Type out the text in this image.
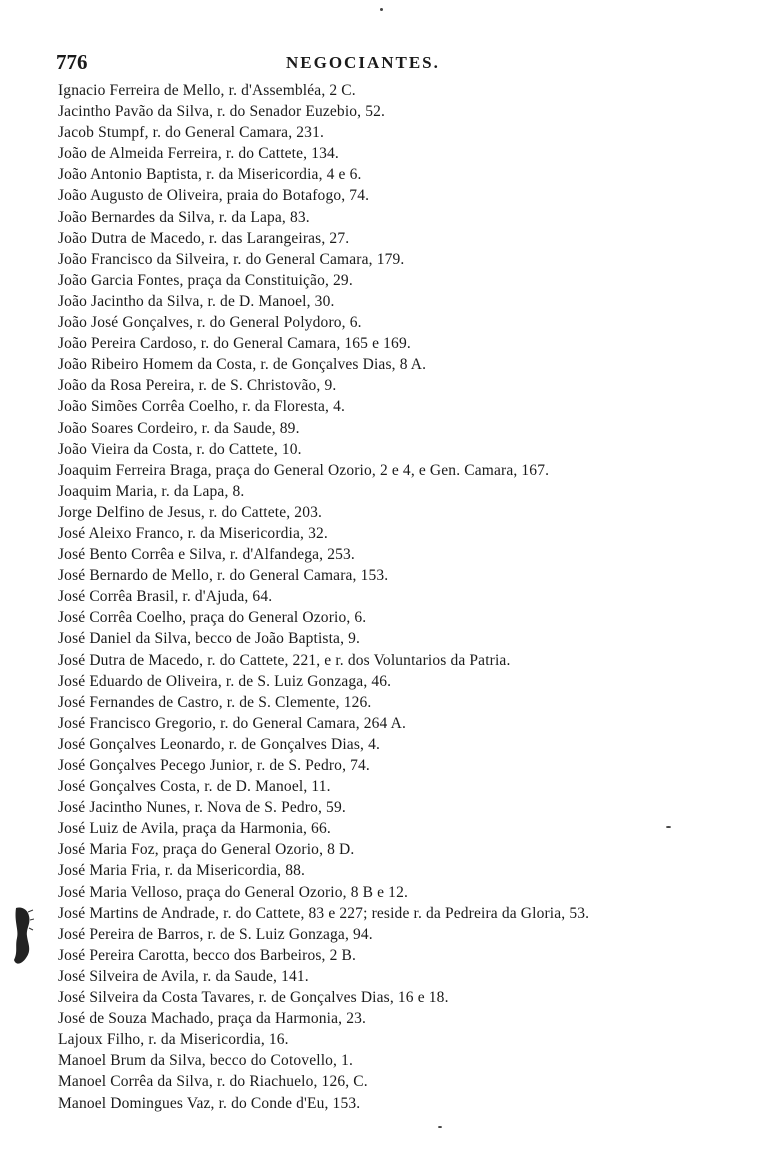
776	NEGOCIANTES.
Ignacio Ferreira de Mello, r. d'Assembléa, 2 C.
Jacintho Pavão da Silva, r. do Senador Euzebio, 52.
Jacob Stumpf, r. do General Camara, 231.
João de Almeida Ferreira, r. do Cattete, 134.
João Antonio Baptista, r. da Misericordia, 4 e 6.
João Augusto de Oliveira, praia do Botafogo, 74.
João Bernardes da Silva, r. da Lapa, 83.
João Dutra de Macedo, r. das Larangeiras, 27.
João Francisco da Silveira, r. do General Camara, 179.
João Garcia Fontes, praça da Constituição, 29.
João Jacintho da Silva, r. de D. Manoel, 30.
João José Gonçalves, r. do General Polydoro, 6.
João Pereira Cardoso, r. do General Camara, 165 e 169.
João Ribeiro Homem da Costa, r. de Gonçalves Dias, 8 A.
João da Rosa Pereira, r. de S. Christovão, 9.
João Simões Corrêa Coelho, r. da Floresta, 4.
João Soares Cordeiro, r. da Saude, 89.
João Vieira da Costa, r. do Cattete, 10.
Joaquim Ferreira Braga, praça do General Ozorio, 2 e 4, e Gen. Camara, 167.
Joaquim Maria, r. da Lapa, 8.
Jorge Delfino de Jesus, r. do Cattete, 203.
José Aleixo Franco, r. da Misericordia, 32.
José Bento Corrêa e Silva, r. d'Alfandega, 253.
José Bernardo de Mello, r. do General Camara, 153.
José Corrêa Brasil, r. d'Ajuda, 64.
José Corrêa Coelho, praça do General Ozorio, 6.
José Daniel da Silva, becco de João Baptista, 9.
José Dutra de Macedo, r. do Cattete, 221, e r. dos Voluntarios da Patria.
José Eduardo de Oliveira, r. de S. Luiz Gonzaga, 46.
José Fernandes de Castro, r. de S. Clemente, 126.
José Francisco Gregorio, r. do General Camara, 264 A.
José Gonçalves Leonardo, r. de Gonçalves Dias, 4.
José Gonçalves Pecego Junior, r. de S. Pedro, 74.
José Gonçalves Costa, r. de D. Manoel, 11.
José Jacintho Nunes, r. Nova de S. Pedro, 59.
José Luiz de Avila, praça da Harmonia, 66.
José Maria Foz, praça do General Ozorio, 8 D.
José Maria Fria, r. da Misericordia, 88.
José Maria Velloso, praça do General Ozorio, 8 B e 12.
José Martins de Andrade, r. do Cattete, 83 e 227; reside r. da Pedreira da Gloria, 53.
José Pereira de Barros, r. de S. Luiz Gonzaga, 94.
José Pereira Carotta, becco dos Barbeiros, 2 B.
José Silveira de Avila, r. da Saude, 141.
José Silveira da Costa Tavares, r. de Gonçalves Dias, 16 e 18.
José de Souza Machado, praça da Harmonia, 23.
Lajoux Filho, r. da Misericordia, 16.
Manoel Brum da Silva, becco do Cotovello, 1.
Manoel Corrêa da Silva, r. do Riachuelo, 126, C.
Manoel Domingues Vaz, r. do Conde d'Eu, 153.
